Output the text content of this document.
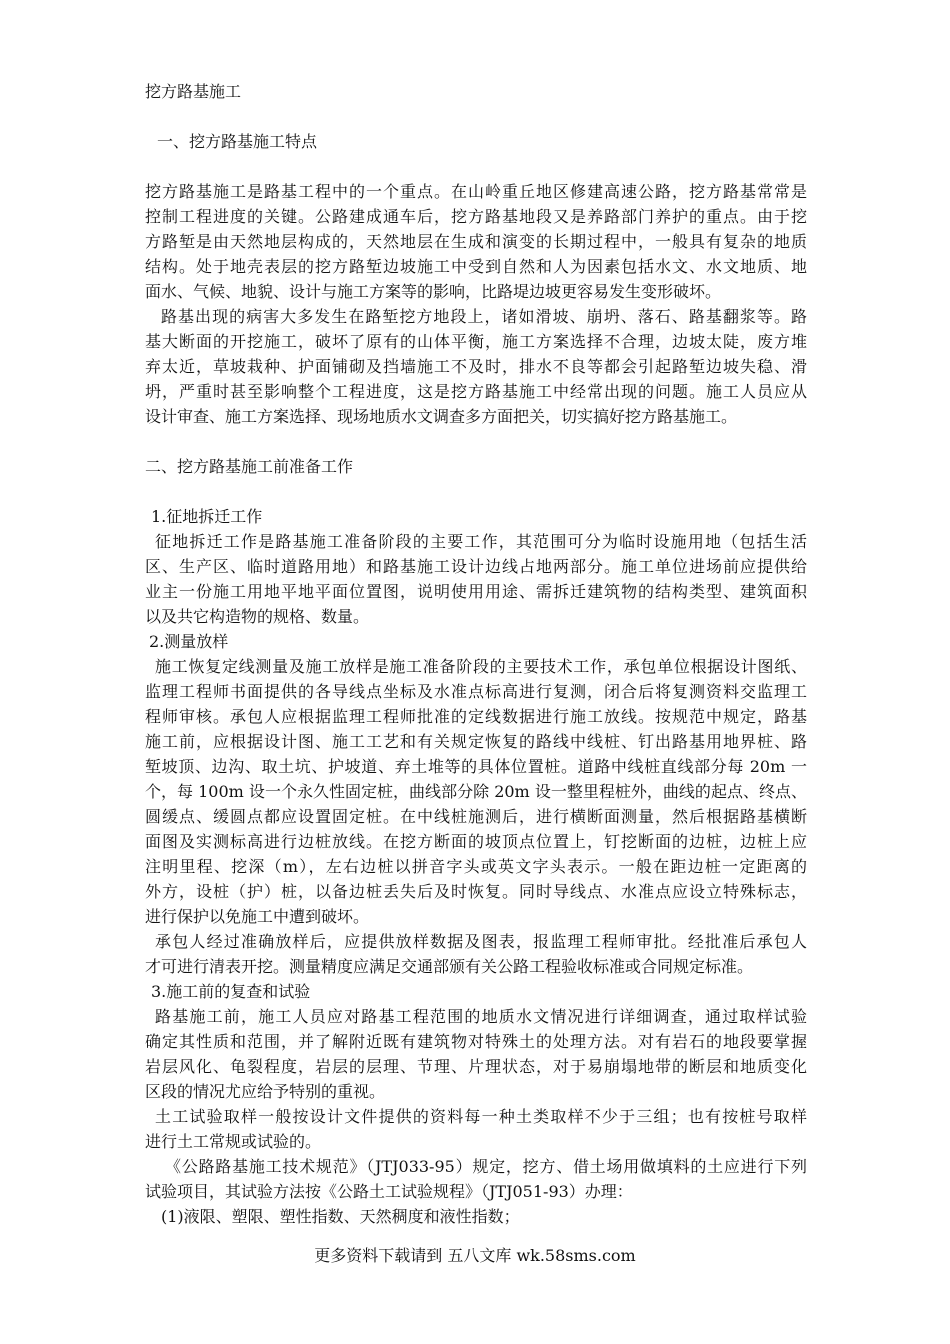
挖方路基施工
一、挖方路基施工特点
挖方路基施工是路基工程中的一个重点。在山岭重丘地区修建高速公路，挖方路基常常是
控制工程进度的关键。公路建成通车后，挖方路基地段又是养路部门养护的重点。由于挖
方路堑是由天然地层构成的，天然地层在生成和演变的长期过程中，一般具有复杂的地质
结构。处于地壳表层的挖方路堑边坡施工中受到自然和人为因素包括水文、水文地质、地
面水、气候、地貌、设计与施工方案等的影响，比路堤边坡更容易发生变形破坏。
路基出现的病害大多发生在路堑挖方地段上，诸如滑坡、崩坍、落石、路基翻浆等。路
基大断面的开挖施工，破坏了原有的山体平衡，施工方案选择不合理，边坡太陡，废方堆
弃太近，草坡栽种、护面铺砌及挡墙施工不及时，排水不良等都会引起路堑边坡失稳、滑
坍，严重时甚至影响整个工程进度，这是挖方路基施工中经常出现的问题。施工人员应从
设计审查、施工方案选择、现场地质水文调查多方面把关，切实搞好挖方路基施工。
二、挖方路基施工前准备工作
1.征地拆迁工作
征地拆迁工作是路基施工准备阶段的主要工作，其范围可分为临时设施用地（包括生活
区、生产区、临时道路用地）和路基施工设计边线占地两部分。施工单位进场前应提供给
业主一份施工用地平地平面位置图，说明使用用途、需拆迁建筑物的结构类型、建筑面积
以及共它构造物的规格、数量。
2.测量放样
施工恢复定线测量及施工放样是施工准备阶段的主要技术工作，承包单位根据设计图纸、
监理工程师书面提供的各导线点坐标及水准点标高进行复测，闭合后将复测资料交监理工
程师审核。承包人应根据监理工程师批准的定线数据进行施工放线。按规范中规定，路基
施工前，应根据设计图、施工工艺和有关规定恢复的路线中线桩、钉出路基用地界桩、路
堑坡顶、边沟、取土坑、护坡道、弃土堆等的具体位置桩。道路中线桩直线部分每 20m 一
个，每 100m 设一个永久性固定桩，曲线部分除 20m 设一整里程桩外，曲线的起点、终点、
圆缓点、缓圆点都应设置固定桩。在中线桩施测后，进行横断面测量，然后根据路基横断
面图及实测标高进行边桩放线。在挖方断面的坡顶点位置上，钉挖断面的边桩，边桩上应
注明里程、挖深（m），左右边桩以拼音字头或英文字头表示。一般在距边桩一定距离的
外方，设桩（护）桩，以备边桩丢失后及时恢复。同时导线点、水准点应设立特殊标志，
进行保护以免施工中遭到破坏。
承包人经过准确放样后，应提供放样数据及图表，报监理工程师审批。经批准后承包人
才可进行清表开挖。测量精度应满足交通部颁有关公路工程验收标准或合同规定标准。
3.施工前的复查和试验
路基施工前，施工人员应对路基工程范围的地质水文情况进行详细调查，通过取样试验
确定其性质和范围，并了解附近既有建筑物对特殊土的处理方法。对有岩石的地段要掌握
岩层风化、龟裂程度，岩层的层理、节理、片理状态，对于易崩塌地带的断层和地质变化
区段的情况尤应给予特别的重视。
土工试验取样一般按设计文件提供的资料每一种土类取样不少于三组；也有按桩号取样
进行土工常规或试验的。
《公路路基施工技术规范》（JTJ033-95）规定，挖方、借土场用做填料的土应进行下列
试验项目，其试验方法按《公路土工试验规程》（JTJ051-93）办理：
(1)液限、塑限、塑性指数、天然稠度和液性指数；
更多资料下载请到 五八文库 wk.58sms.com
